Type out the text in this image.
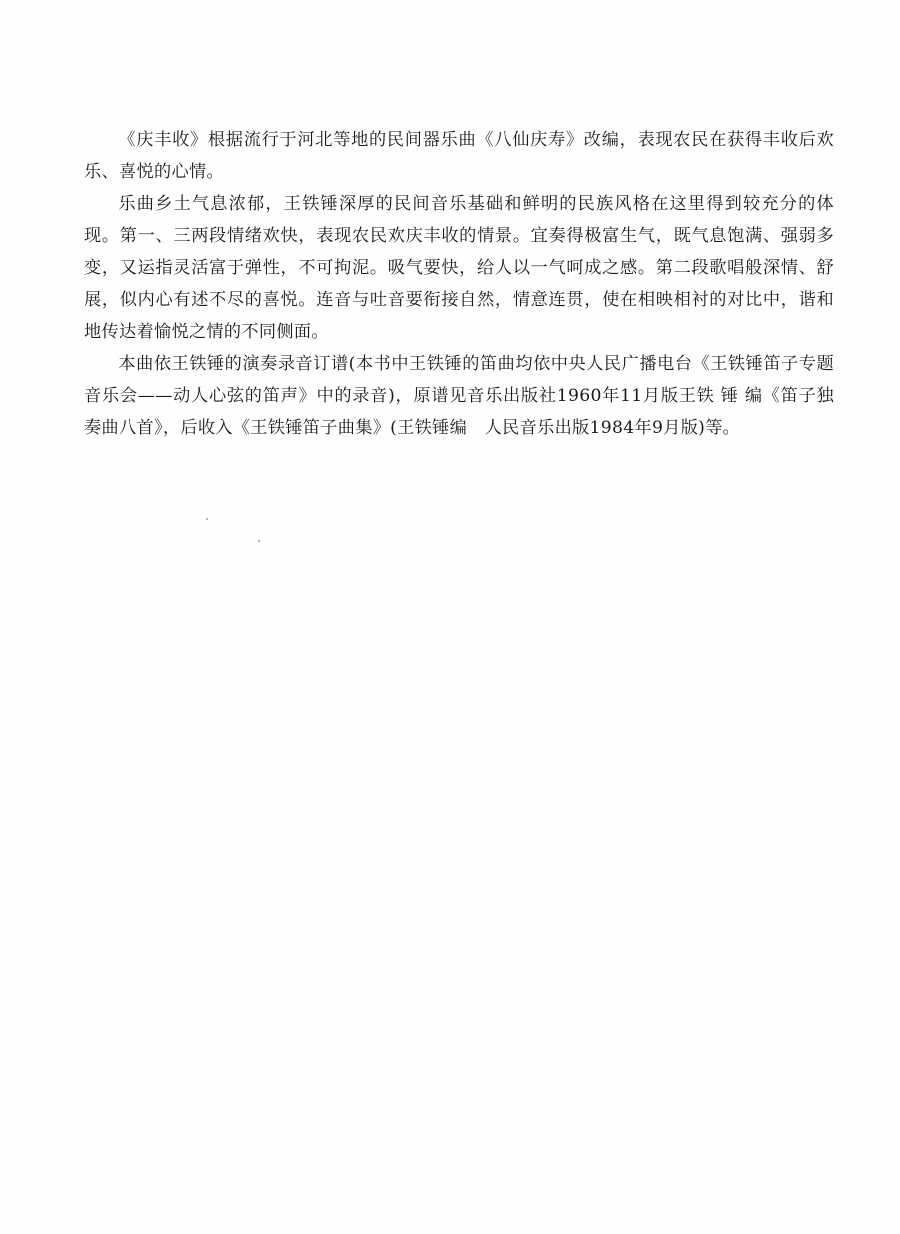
《庆丰收》根据流行于河北等地的民间器乐曲《八仙庆寿》改编，表现农民在获得丰收后欢乐、喜悦的心情。

乐曲乡土气息浓郁，王铁锤深厚的民间音乐基础和鲜明的民族风格在这里得到较充分的体现。第一、三两段情绪欢快，表现农民欢庆丰收的情景。宜奏得极富生气，既气息饱满、强弱多变，又运指灵活富于弹性，不可拘泥。吸气要快，给人以一气呵成之感。第二段歌唱般深情、舒展，似内心有述不尽的喜悦。连音与吐音要衔接自然，情意连贯，使在相映相衬的对比中，谐和地传达着愉悦之情的不同侧面。

本曲依王铁锤的演奏录音订谱(本书中王铁锤的笛曲均依中央人民广播电台《王铁锤笛子专题音乐会——动人心弦的笛声》中的录音)，原谱见音乐出版社1960年11月版王铁 锤 编《笛子独奏曲八首》，后收入《王铁锤笛子曲集》(王铁锤编　人民音乐出版1984年9月版)等。
